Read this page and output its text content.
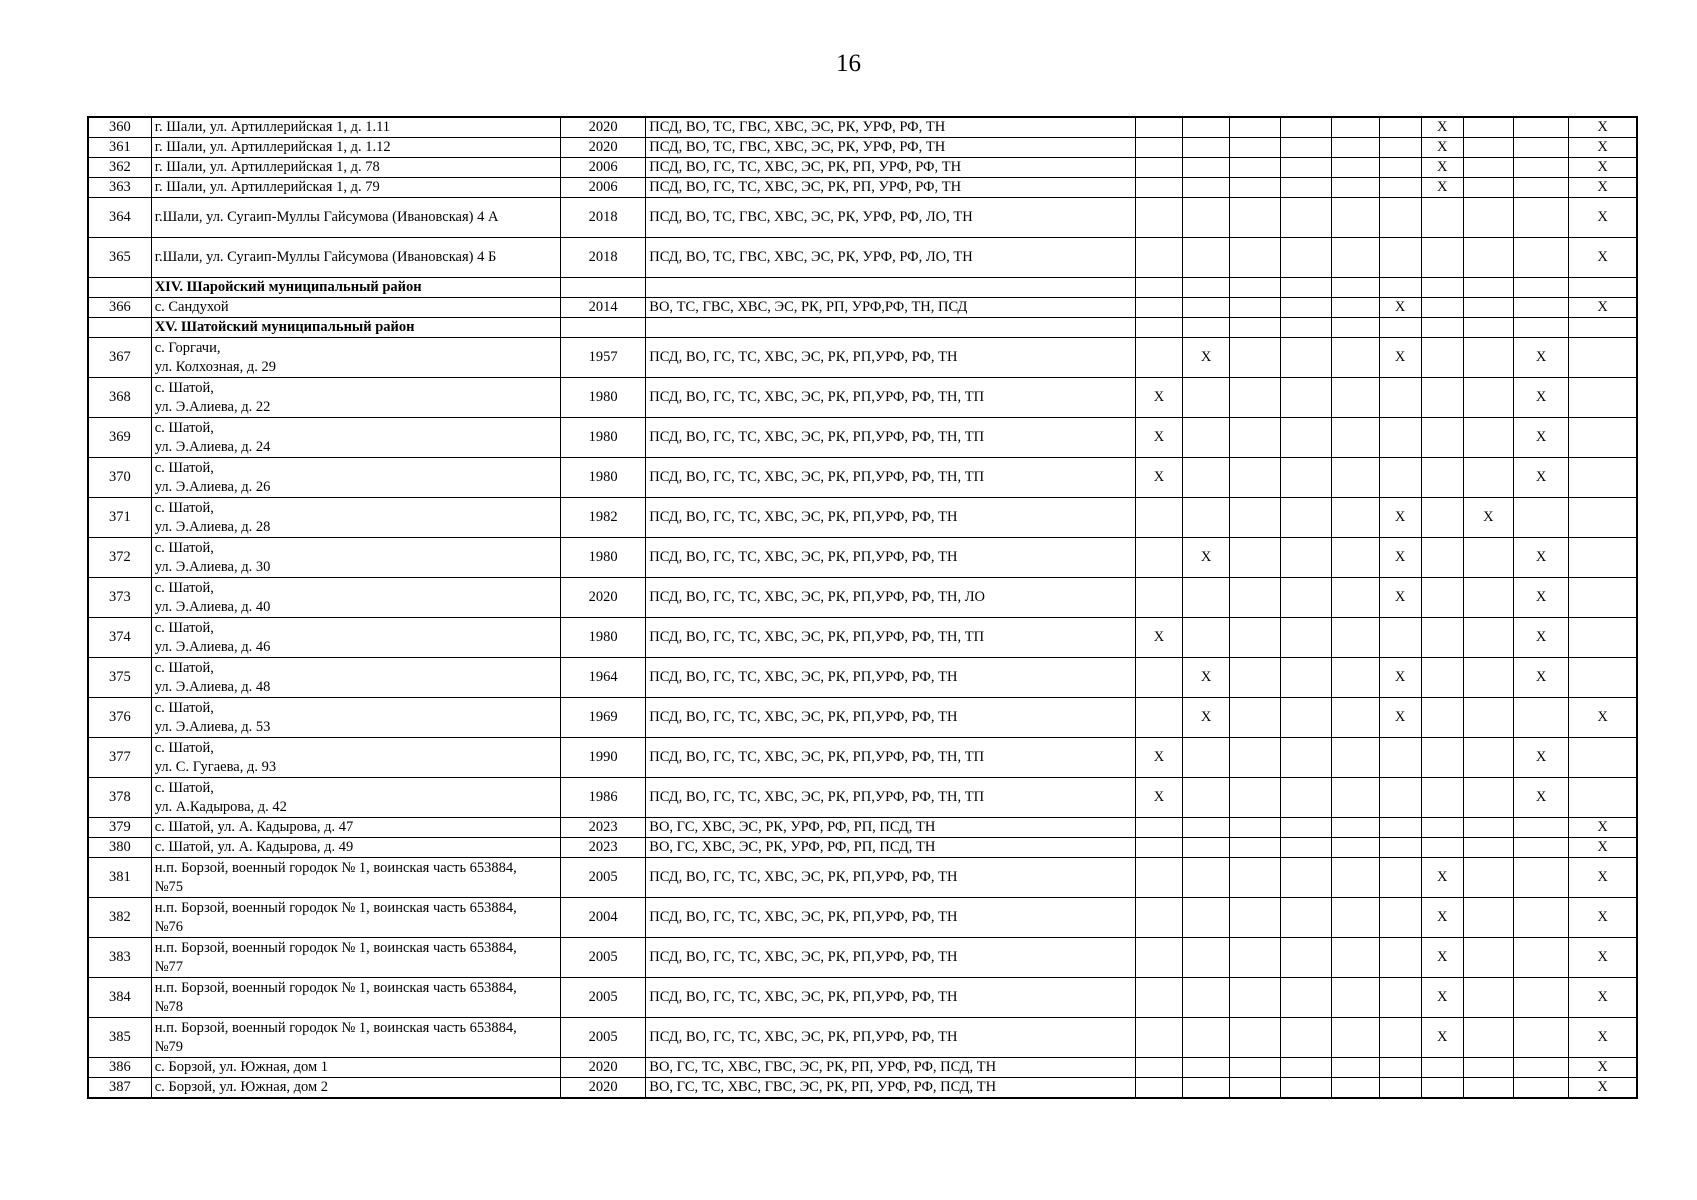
16
360	г. Шали, ул. Артиллерийская 1, д. 1.11	2020	ПСД, ВО, ТС, ГВС, ХВС, ЭС, РК, УРФ, РФ, ТН							X			X
361	г. Шали, ул. Артиллерийская 1, д. 1.12	2020	ПСД, ВО, ТС, ГВС, ХВС, ЭС, РК, УРФ, РФ, ТН							X			X
362	г. Шали, ул. Артиллерийская 1, д. 78	2006	ПСД, ВО, ГС, ТС, ХВС, ЭС, РК, РП, УРФ, РФ, ТН							X			X
363	г. Шали, ул. Артиллерийская 1, д. 79	2006	ПСД, ВО, ГС, ТС, ХВС, ЭС, РК, РП, УРФ, РФ, ТН							X			X
364	г.Шали, ул. Сугаип-Муллы Гайсумова (Ивановская) 4 А	2018	ПСД, ВО, ТС, ГВС, ХВС, ЭС, РК, УРФ, РФ, ЛО, ТН										X
365	г.Шали, ул. Сугаип-Муллы Гайсумова (Ивановская) 4 Б	2018	ПСД, ВО, ТС, ГВС, ХВС, ЭС, РК, УРФ, РФ, ЛО, ТН										X
	XIV. Шаройский муниципальный район												
366	с. Сандухой	2014	ВО, ТС, ГВС, ХВС, ЭС, РК, РП, УРФ,РФ, ТН, ПСД						X				X
	XV. Шатойский муниципальный район												
367	с. Горгачи,
ул. Колхозная, д. 29	1957	ПСД, ВО, ГС, ТС, ХВС, ЭС, РК, РП,УРФ, РФ, ТН		X				X			X	
368	с. Шатой,
ул. Э.Алиева, д. 22	1980	ПСД, ВО, ГС, ТС, ХВС, ЭС, РК, РП,УРФ, РФ, ТН, ТП	X								X	
369	с. Шатой,
ул. Э.Алиева, д. 24	1980	ПСД, ВО, ГС, ТС, ХВС, ЭС, РК, РП,УРФ, РФ, ТН, ТП	X								X	
370	с. Шатой,
ул. Э.Алиева, д. 26	1980	ПСД, ВО, ГС, ТС, ХВС, ЭС, РК, РП,УРФ, РФ, ТН, ТП	X								X	
371	с. Шатой,
ул. Э.Алиева, д. 28	1982	ПСД, ВО, ГС, ТС, ХВС, ЭС, РК, РП,УРФ, РФ, ТН						X		X		
372	с. Шатой,
ул. Э.Алиева, д. 30	1980	ПСД, ВО, ГС, ТС, ХВС, ЭС, РК, РП,УРФ, РФ, ТН		X				X			X	
373	с. Шатой,
ул. Э.Алиева, д. 40	2020	ПСД, ВО, ГС, ТС, ХВС, ЭС, РК, РП,УРФ, РФ, ТН, ЛО						X			X	
374	с. Шатой,
ул. Э.Алиева, д. 46	1980	ПСД, ВО, ГС, ТС, ХВС, ЭС, РК, РП,УРФ, РФ, ТН, ТП	X								X	
375	с. Шатой,
ул. Э.Алиева, д. 48	1964	ПСД, ВО, ГС, ТС, ХВС, ЭС, РК, РП,УРФ, РФ, ТН		X				X			X	
376	с. Шатой,
ул. Э.Алиева, д. 53	1969	ПСД, ВО, ГС, ТС, ХВС, ЭС, РК, РП,УРФ, РФ, ТН		X				X				X
377	с. Шатой,
ул. С. Гугаева, д. 93	1990	ПСД, ВО, ГС, ТС, ХВС, ЭС, РК, РП,УРФ, РФ, ТН, ТП	X								X	
378	с. Шатой,
ул. А.Кадырова, д. 42	1986	ПСД, ВО, ГС, ТС, ХВС, ЭС, РК, РП,УРФ, РФ, ТН, ТП	X								X	
379	с. Шатой, ул. А. Кадырова, д. 47	2023	ВО, ГС, ХВС, ЭС, РК, УРФ, РФ, РП, ПСД, ТН										X
380	с. Шатой, ул. А. Кадырова, д. 49	2023	ВО, ГС, ХВС, ЭС, РК, УРФ, РФ, РП, ПСД, ТН										X
381	н.п. Борзой, военный городок № 1, воинская часть 653884,
№75	2005	ПСД, ВО, ГС, ТС, ХВС, ЭС, РК, РП,УРФ, РФ, ТН							X			X
382	н.п. Борзой, военный городок № 1, воинская часть 653884,
№76	2004	ПСД, ВО, ГС, ТС, ХВС, ЭС, РК, РП,УРФ, РФ, ТН							X			X
383	н.п. Борзой, военный городок № 1, воинская часть 653884,
№77	2005	ПСД, ВО, ГС, ТС, ХВС, ЭС, РК, РП,УРФ, РФ, ТН							X			X
384	н.п. Борзой, военный городок № 1, воинская часть 653884,
№78	2005	ПСД, ВО, ГС, ТС, ХВС, ЭС, РК, РП,УРФ, РФ, ТН							X			X
385	н.п. Борзой, военный городок № 1, воинская часть 653884,
№79	2005	ПСД, ВО, ГС, ТС, ХВС, ЭС, РК, РП,УРФ, РФ, ТН							X			X
386	с. Борзой, ул. Южная, дом 1	2020	ВО, ГС, ТС, ХВС, ГВС, ЭС, РК, РП, УРФ, РФ, ПСД, ТН										X
387	с. Борзой, ул. Южная, дом 2	2020	ВО, ГС, ТС, ХВС, ГВС, ЭС, РК, РП, УРФ, РФ, ПСД, ТН										X
